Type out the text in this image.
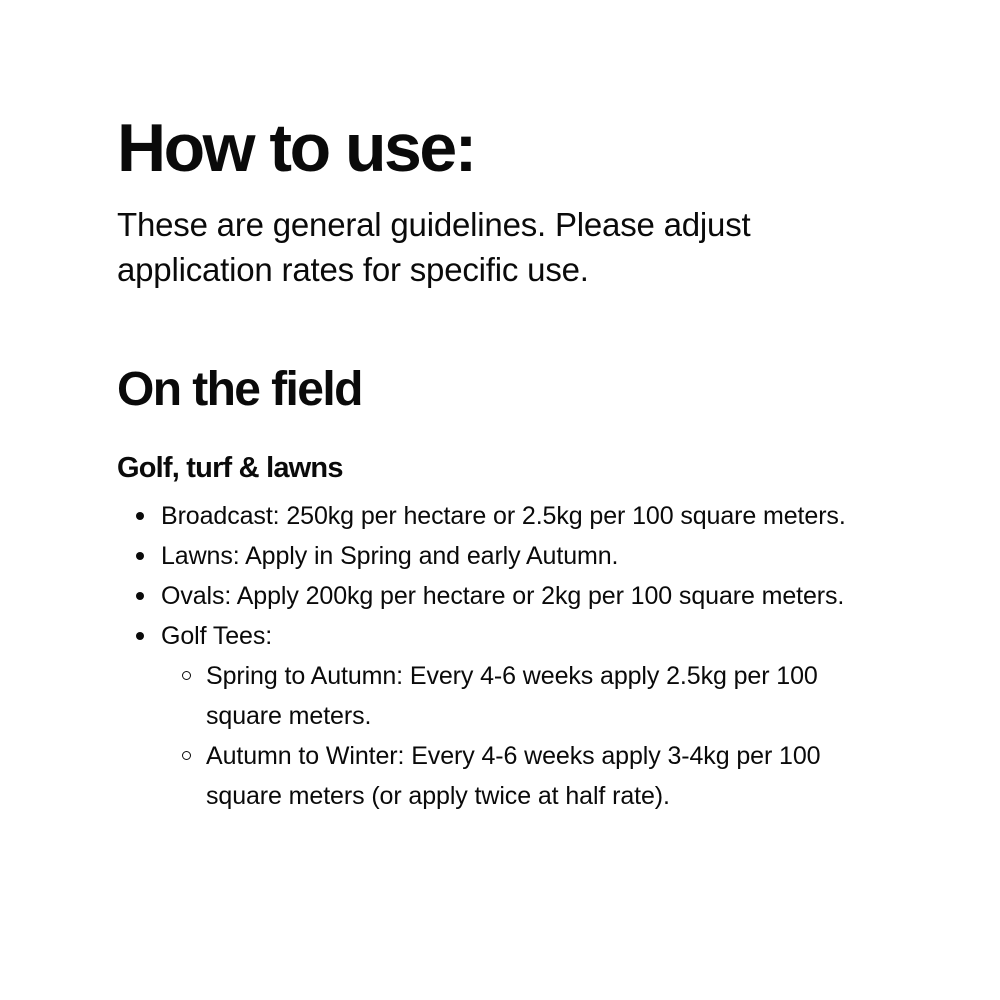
How to use:

These are general guidelines. Please adjust application rates for specific use.

On the field
Golf, turf & lawns
Broadcast: 250kg per hectare or 2.5kg per 100 square meters.
Lawns: Apply in Spring and early Autumn.
Ovals: Apply 200kg per hectare or 2kg per 100 square meters.
Golf Tees:
Spring to Autumn: Every 4-6 weeks apply 2.5kg per 100 square meters.
Autumn to Winter: Every 4-6 weeks apply 3-4kg per 100 square meters (or apply twice at half rate).
